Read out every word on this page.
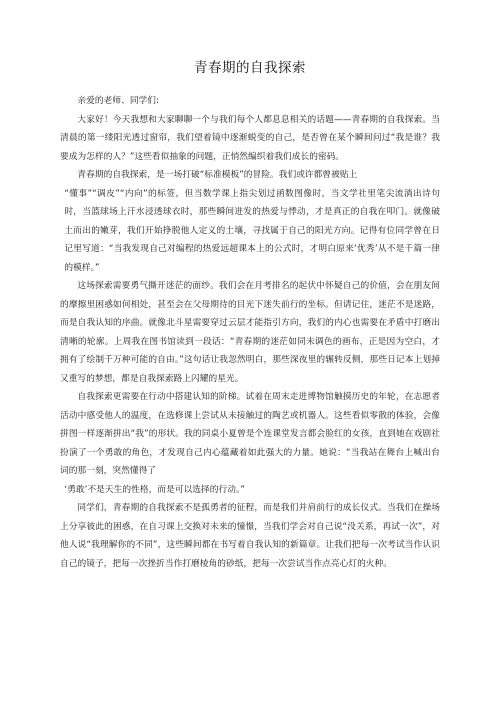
青春期的自我探索

亲爱的老师、同学们:

大家好！今天我想和大家聊聊一个与我们每个人都息息相关的话题——青春期的自我探索。当清晨的第一缕阳光透过窗帘，我们望着镜中逐渐蜕变的自己，是否曾在某个瞬间问过“我是谁？我要成为怎样的人？”这些看似抽象的问题，正悄然编织着我们成长的密码。

青春期的自我探索，是一场打破“标准模板”的冒险。我们或许都曾被贴上

“懂事”“调皮”“内向”的标签，但当数学课上指尖划过函数图像时，当文学社里笔尖流淌出诗句时，当篮球场上汗水浸透球衣时，那些瞬间迸发的热爱与悸动，才是真正的自我在叩门。就像破土而出的嫩芽，我们开始挣脱他人定义的土壤，寻找属于自己的阳光方向。记得有位同学曾在日记里写道：“当我发现自己对编程的热爱远超课本上的公式时，才明白原来‘优秀’从不是千篇一律的模样。”

这场探索需要勇气撕开迷茫的面纱。我们会在月考排名的起伏中怀疑自己的价值，会在朋友间的摩擦里困惑如何相处，甚至会在父母期待的目光下迷失前行的坐标。但请记住，迷茫不是迷路，而是自我认知的序曲。就像北斗星需要穿过云层才能指引方向，我们的内心也需要在矛盾中打磨出清晰的轮廓。上周我在图书馆读到一段话：“青春期的迷茫如同未调色的画布，正是因为空白，才拥有了绘制千万种可能的自由。”这句话让我忽然明白，那些深夜里的辗转反侧，那些日记本上划掉又重写的梦想，都是自我探索路上闪耀的星光。

自我探索更需要在行动中搭建认知的阶梯。试着在周末走进博物馆触摸历史的年轮，在志愿者活动中感受他人的温度，在选修课上尝试从未接触过的陶艺或机器人。这些看似零散的体验，会像拼图一样逐渐拼出“我”的形状。我的同桌小夏曾是个连课堂发言都会脸红的女孩，直到她在戏剧社扮演了一个勇敢的角色，才发现自己内心蕴藏着如此强大的力量。她说：“当我站在舞台上喊出台词的那一刻，突然懂得了

‘勇敢’不是天生的性格，而是可以选择的行动。”

同学们，青春期的自我探索不是孤勇者的征程，而是我们并肩前行的成长仪式。当我们在操场上分享彼此的困惑，在自习课上交换对未来的憧憬，当我们学会对自己说“没关系，再试一次”，对他人说“我理解你的不同”，这些瞬间都在书写着自我认知的新篇章。让我们把每一次考试当作认识自己的镜子，把每一次挫折当作打磨棱角的砂纸，把每一次尝试当作点亮心灯的火种。
